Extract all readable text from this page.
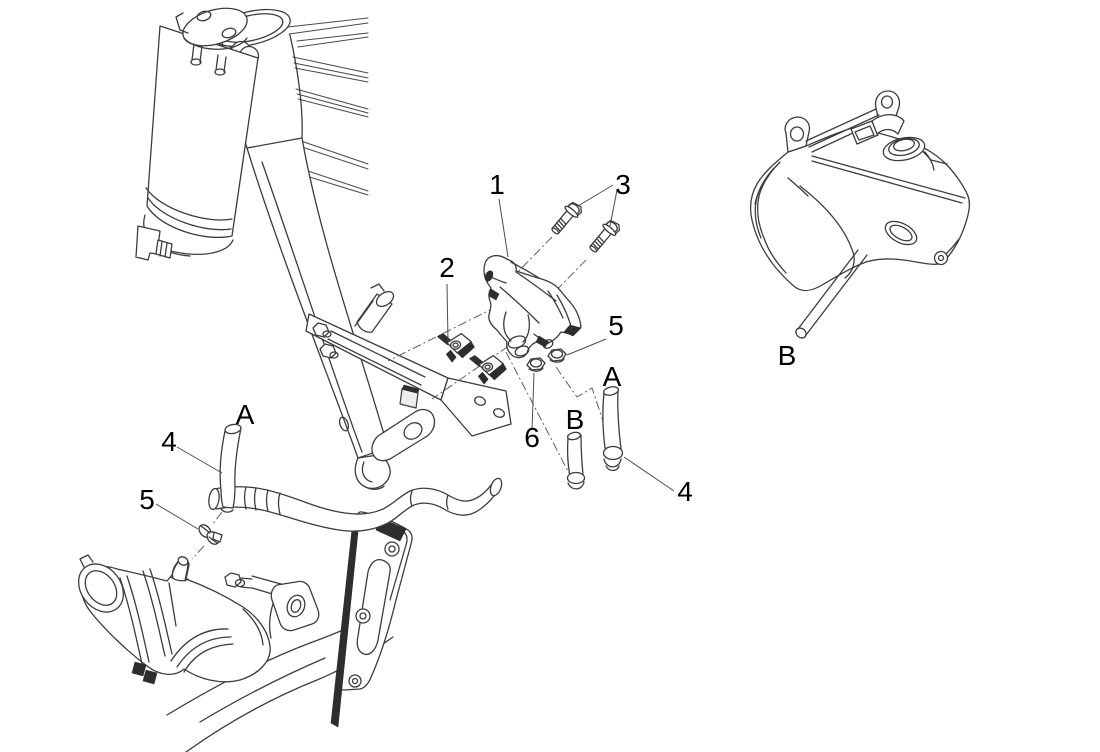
1
2
3
5
6
4
A
B
A
4
5
B
